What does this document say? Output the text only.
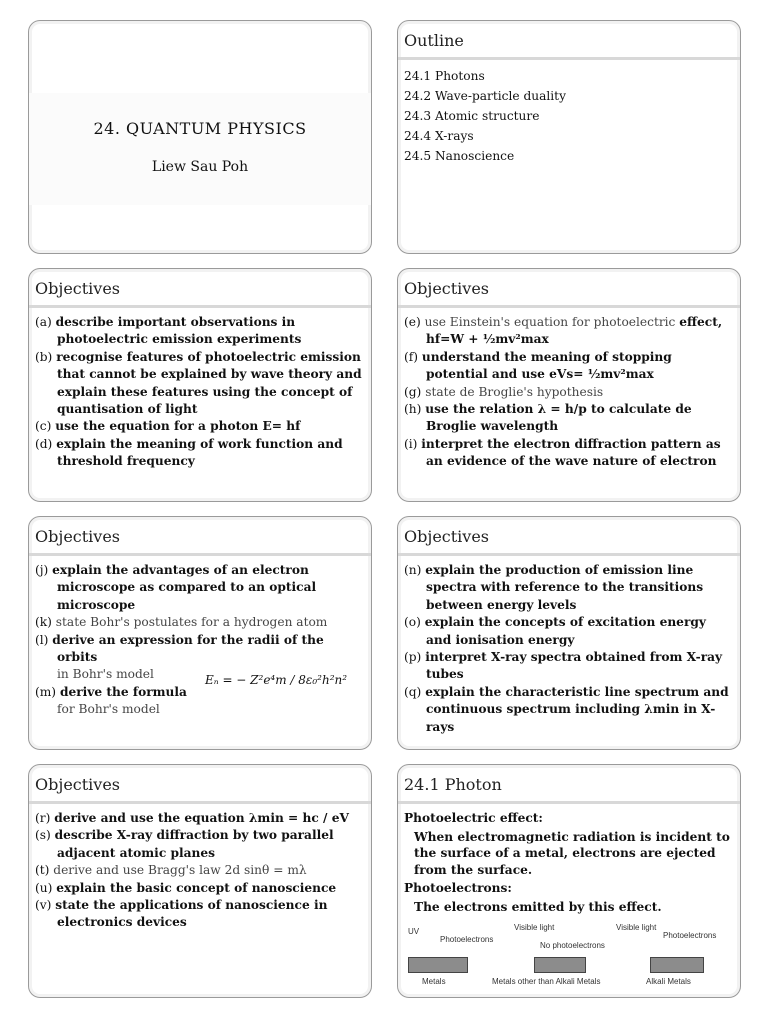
24. QUANTUM PHYSICS
Liew Sau Poh
Outline
24.1 Photons
24.2 Wave-particle duality
24.3 Atomic structure
24.4 X-rays
24.5 Nanoscience
Objectives

(a) describe important observations in photoelectric emission experiments

(b) recognise features of photoelectric emission that cannot be explained by wave theory and explain these features using the concept of quantisation of light

(c) use the equation for a photon E= hf

(d) explain the meaning of work function and threshold frequency

Objectives

(e) use Einstein's equation for photoelectric effect, hf=W + ½mv²max

(f) understand the meaning of stopping potential and use eVs= ½mv²max

(g) state de Broglie's hypothesis

(h) use the relation λ = h/p to calculate de Broglie wavelength

(i) interpret the electron diffraction pattern as an evidence of the wave nature of electron

Objectives

(j) explain the advantages of an electron microscope as compared to an optical microscope

(k) state Bohr's postulates for a hydrogen atom

(l) derive an expression for the radii of the orbits
in Bohr's model

(m) derive the formula
for Bohr's model

Eₙ = − Z²e⁴m / 8ε₀²h²n²
Objectives

(n) explain the production of emission line spectra with reference to the transitions between energy levels

(o) explain the concepts of excitation energy and ionisation energy

(p) interpret X-ray spectra obtained from X-ray tubes

(q) explain the characteristic line spectrum and continuous spectrum including λmin in X-rays

Objectives

(r) derive and use the equation λmin = hc / eV

(s) describe X-ray diffraction by two parallel adjacent atomic planes

(t) derive and use Bragg's law 2d sinθ = mλ

(u) explain the basic concept of nanoscience

(v) state the applications of nanoscience in electronics devices

24.1 Photon

Photoelectric effect:

When electromagnetic radiation is incident to the surface of a metal, electrons are ejected from the surface.

Photoelectrons:

The electrons emitted by this effect.

UV
Photoelectrons
Visible light
No photoelectrons
Visible light
Photoelectrons
Metals	Metals other than Alkali Metals	Alkali Metals
